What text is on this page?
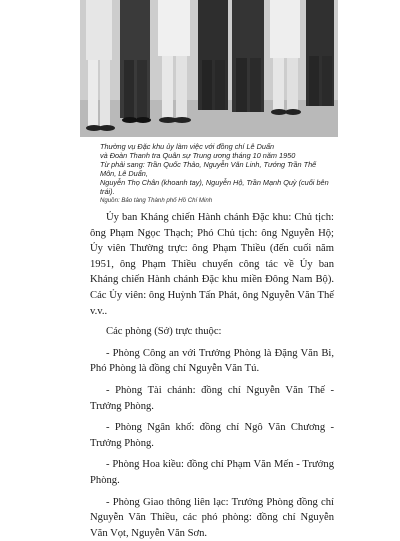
Thường vụ Đặc khu ủy làm việc với đồng chí Lê Duẩn

và Đoàn Thanh tra Quân sự Trung ương tháng 10 năm 1950

Từ phải sang: Trần Quốc Thảo, Nguyễn Văn Linh, Tướng Trần Thế Môn, Lê Duẩn,

Nguyễn Thọ Chân (khoanh tay), Nguyễn Hộ, Trần Mạnh Quỳ (cuối bên trái).

Nguồn: Bảo tàng Thành phố Hồ Chí Minh

Ủy ban Kháng chiến Hành chánh Đặc khu: Chủ tịch: ông Phạm Ngọc Thạch; Phó Chủ tịch: ông Nguyễn Hộ; Ủy viên Thường trực: ông Phạm Thiều (đến cuối năm 1951, ông Phạm Thiều chuyển công tác về Ủy ban Kháng chiến Hành chánh Đặc khu miền Đông Nam Bộ). Các Ủy viên: ông Huỳnh Tấn Phát, ông Nguyễn Văn Thế v.v..

Các phòng (Sở) trực thuộc:

- Phòng Công an với Trưởng Phòng là Đặng Văn Bi, Phó Phòng là đồng chí Nguyễn Văn Tú.

- Phòng Tài chánh: đồng chí Nguyễn Văn Thế - Trưởng Phòng.

- Phòng Ngân khố: đồng chí Ngô Văn Chương - Trưởng Phòng.

- Phòng Hoa kiều: đồng chí Phạm Văn Mến - Trưởng Phòng.

- Phòng Giao thông liên lạc: Trưởng Phòng đồng chí Nguyễn Văn Thiều, các phó phòng: đồng chí Nguyễn Văn Vọt, Nguyễn Văn Sơn.
